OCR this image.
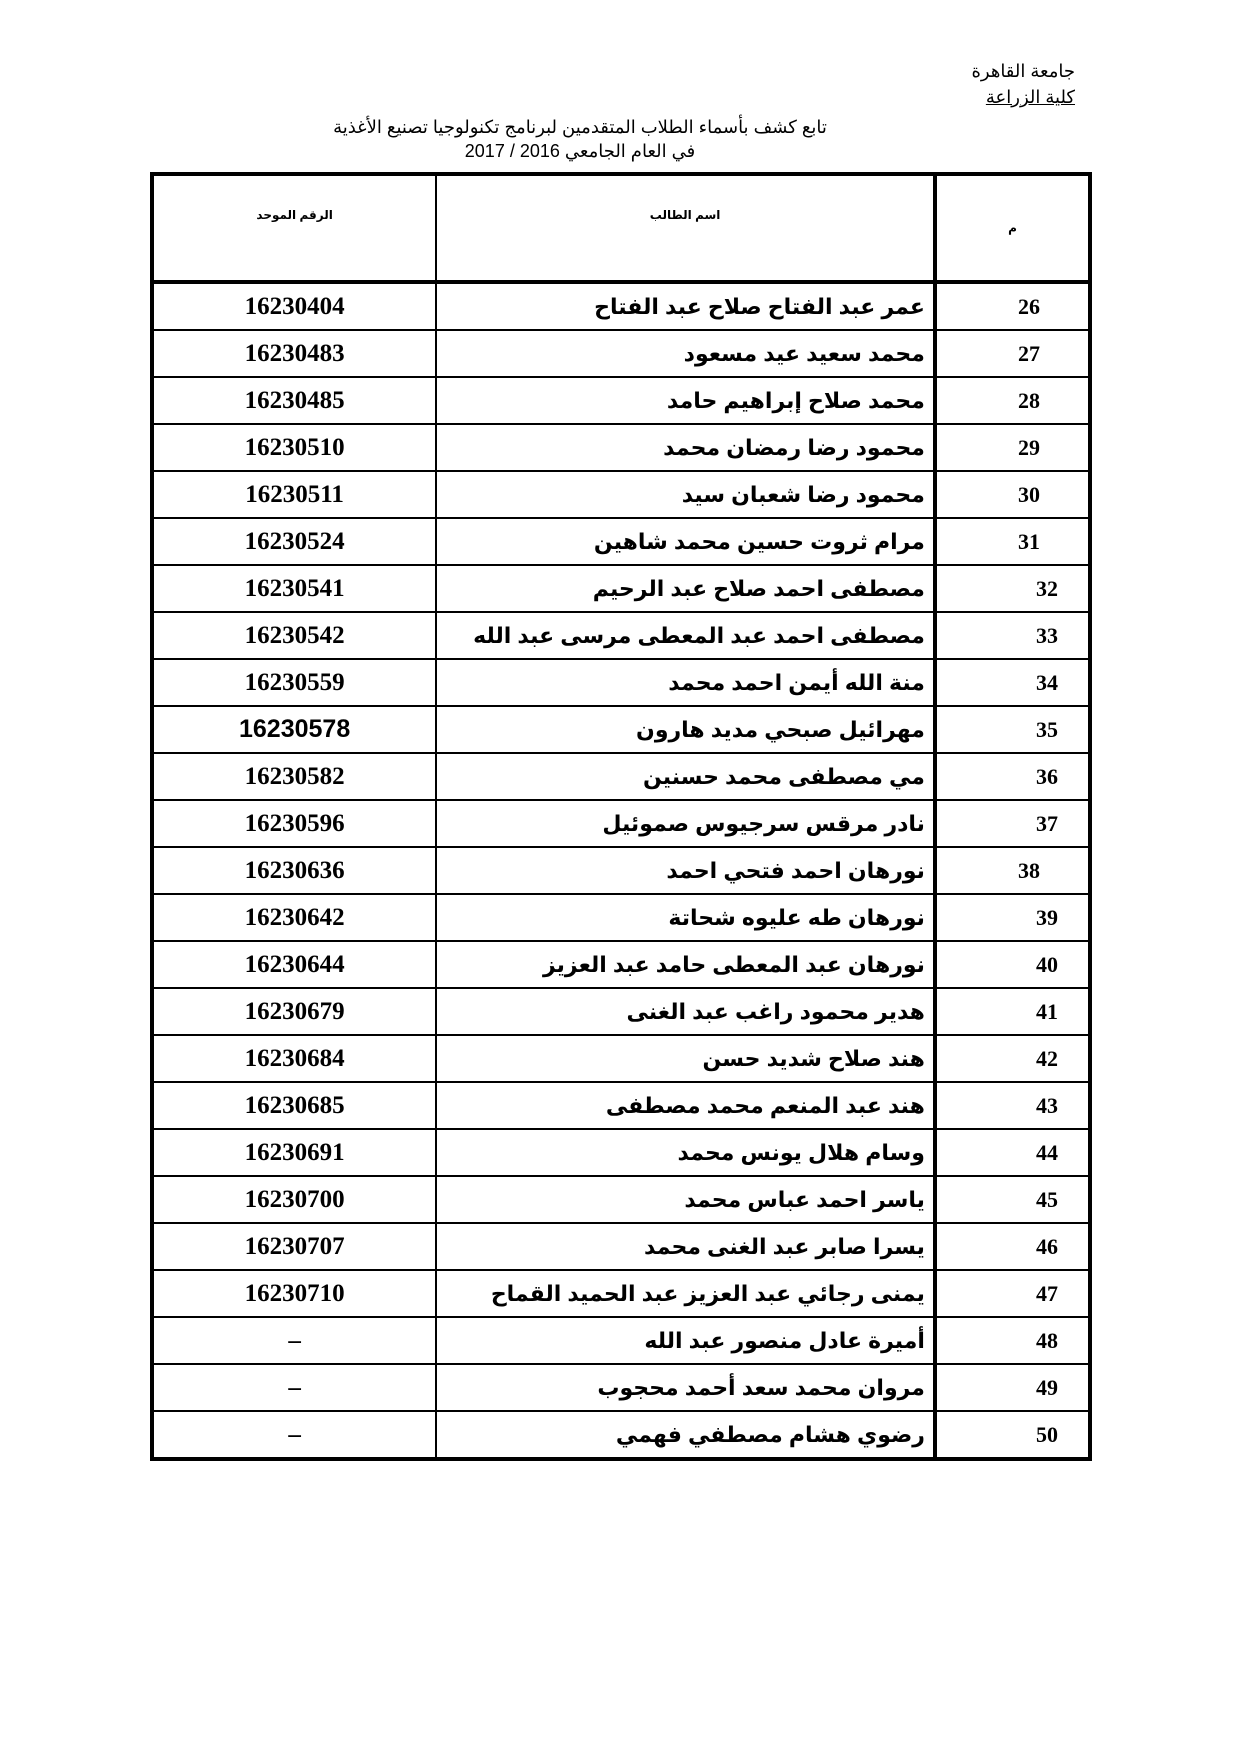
جامعة القاهرة
كلية الزراعة
تابع كشف بأسماء الطلاب المتقدمين لبرنامج تكنولوجيا تصنيع الأغذية
في العام الجامعي 2016 / 2017
الرقم الموحد	اسم الطالب	م
16230404	عمر عبد الفتاح صلاح عبد الفتاح	26
16230483	محمد سعيد عيد مسعود	27
16230485	محمد صلاح إبراهيم حامد	28
16230510	محمود رضا رمضان محمد	29
16230511	محمود رضا شعبان سيد	30
16230524	مرام ثروت حسين محمد شاهين	31
16230541	مصطفى احمد صلاح عبد الرحيم	32
16230542	مصطفى احمد عبد المعطى مرسى عبد الله	33
16230559	منة الله أيمن احمد محمد	34
16230578	مهرائيل صبحي مديد هارون	35
16230582	مي مصطفى محمد حسنين	36
16230596	نادر مرقس سرجيوس صموئيل	37
16230636	نورهان احمد فتحي احمد	38
16230642	نورهان طه عليوه شحاتة	39
16230644	نورهان عبد المعطى حامد عبد العزيز	40
16230679	هدير محمود راغب عبد الغنى	41
16230684	هند صلاح شديد حسن	42
16230685	هند عبد المنعم محمد مصطفى	43
16230691	وسام هلال يونس محمد	44
16230700	ياسر احمد عباس محمد	45
16230707	يسرا صابر عبد الغنى محمد	46
16230710	يمنى رجائي عبد العزيز عبد الحميد القماح	47
–	أميرة عادل منصور عبد الله	48
–	مروان محمد سعد أحمد محجوب	49
–	رضوي هشام مصطفي فهمي	50
